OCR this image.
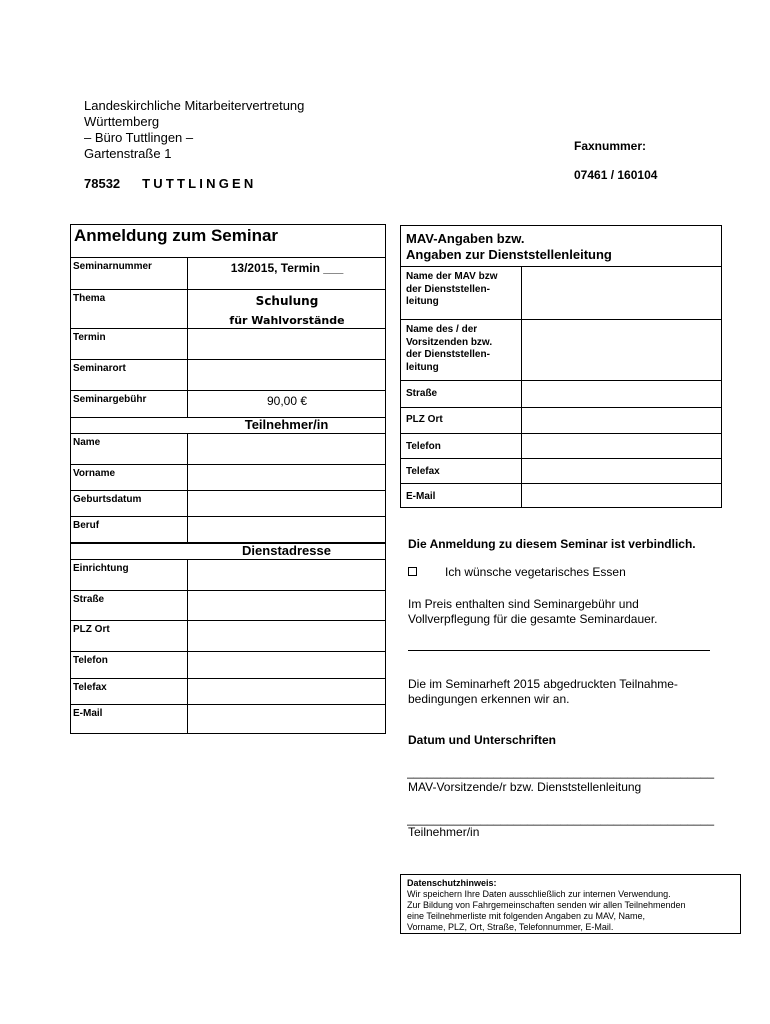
Landeskirchliche Mitarbeitervertretung
Württemberg
– Büro Tuttlingen –
Gartenstraße 1
78532 TUTTLINGEN
Faxnummer:
07461 / 160104
Anmeldung zum Seminar
Seminarnummer	13/2015, Termin ___
Thema	Schulung
für Wahlvorstände
Termin
Seminarort
Seminargebühr	90,00 €
Teilnehmer/in
Name
Vorname
Geburtsdatum
Beruf
Dienstadresse
Einrichtung
Straße
PLZ Ort
Telefon
Telefax
E-Mail
MAV-Angaben bzw.
Angaben zur Dienststellenleitung
Name der MAV bzw
der Dienststellen-
leitung
Name des / der
Vorsitzenden bzw.
der Dienststellen-
leitung
Straße
PLZ Ort
Telefon
Telefax
E-Mail
Die Anmeldung zu diesem Seminar ist verbindlich.
Ich wünsche vegetarisches Essen
Im Preis enthalten sind Seminargebühr und
Vollverpflegung für die gesamte Seminardauer.
Die im Seminarheft 2015 abgedruckten Teilnahme-
bedingungen erkennen wir an.
Datum und Unterschriften
______________________________________________
MAV-Vorsitzende/r bzw. Dienststellenleitung
______________________________________________
Teilnehmer/in
Datenschutzhinweis:
Wir speichern Ihre Daten ausschließlich zur internen Verwendung.
Zur Bildung von Fahrgemeinschaften senden wir allen Teilnehmenden
eine Teilnehmerliste mit folgenden Angaben zu MAV, Name,
Vorname, PLZ, Ort, Straße, Telefonnummer, E-Mail.
